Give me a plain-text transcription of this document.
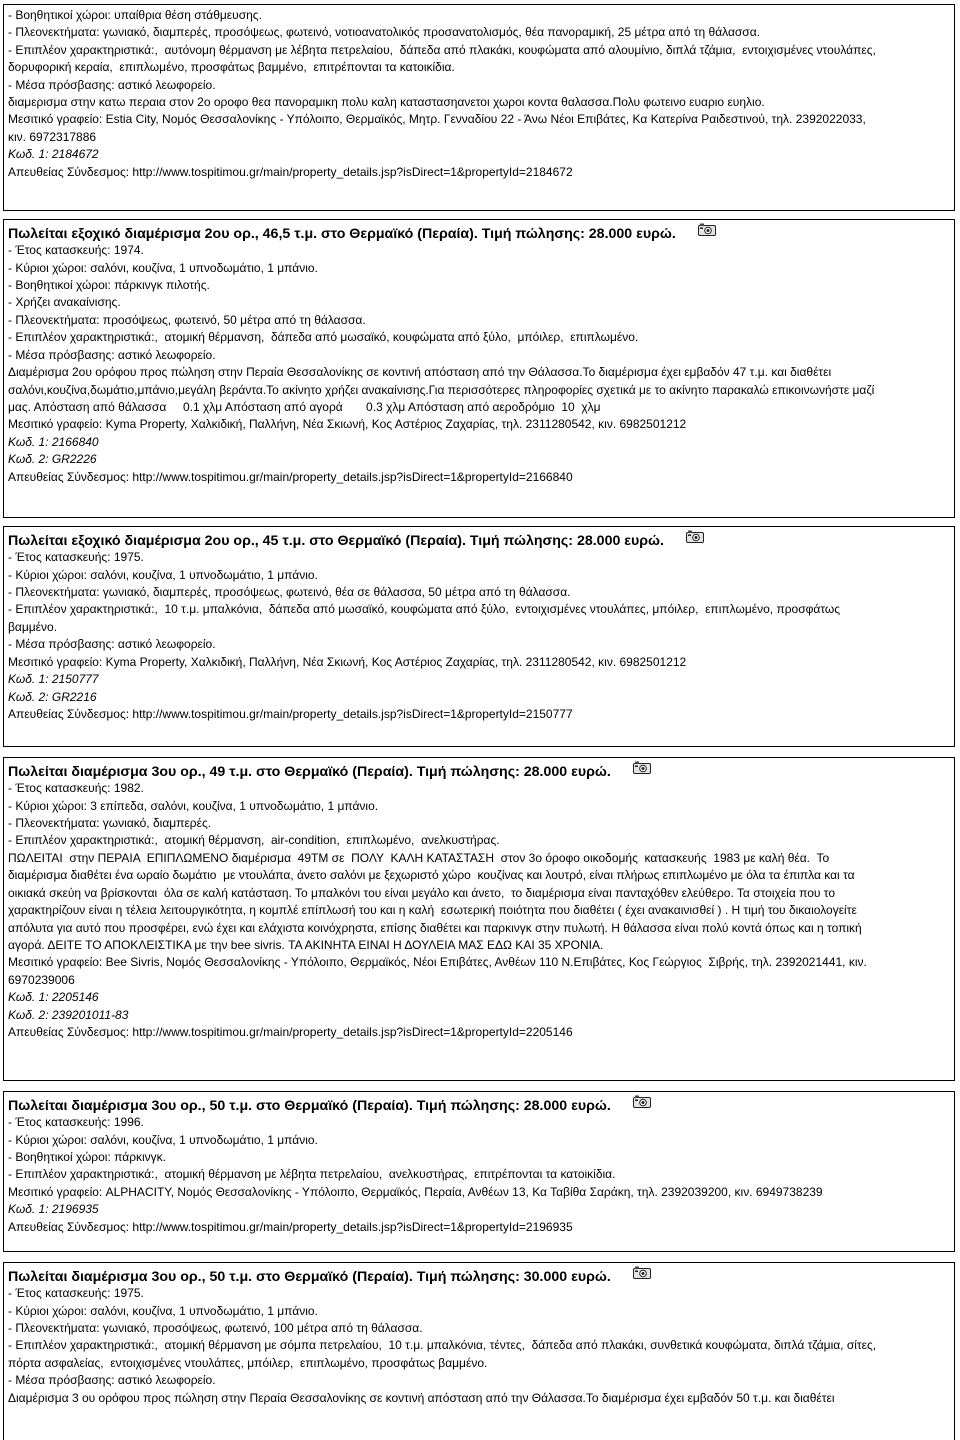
- Βοηθητικοί χώροι: υπαίθρια θέση στάθμευσης.

- Πλεονεκτήματα: γωνιακό, διαμπερές, προσόψεως, φωτεινό, νοτιοανατολικός προσανατολισμός, θέα πανοραμική, 25 μέτρα από τη θάλασσα.

- Επιπλέον χαρακτηριστικά:,  αυτόνομη θέρμανση με λέβητα πετρελαίου,  δάπεδα από πλακάκι, κουφώματα από αλουμίνιο, διπλά τζάμια,  εντοιχισμένες ντουλάπες,

δορυφορική κεραία,  επιπλωμένο, προσφάτως βαμμένο,  επιτρέπονται τα κατοικίδια.

- Μέσα πρόσβασης: αστικό λεωφορείο.

διαμερισμα στην κατω περαια στον 2ο οροφο θεα πανοραμικη πολυ καλη καταστασηανετοι χωροι κοντα θαλασσα.Πολυ φωτεινο ευαριο ευηλιο.

Μεσιτικό γραφείο: Estia City, Νομός Θεσσαλονίκης - Υπόλοιπο, Θερμαϊκός, Μητρ. Γενναδίου 22 - Άνω Νέοι Επιβάτες, Κα Κατερίνα Ραιδεστινού, τηλ. 2392022033,

κιν. 6972317886

Κωδ. 1: 2184672

Απευθείας Σύνδεσμος: http://www.tospitimou.gr/main/property_details.jsp?isDirect=1&propertyId=2184672

Πωλείται εξοχικό διαμέρισμα 2ου ορ., 46,5 τ.μ. στο Θερμαϊκό (Περαία). Τιμή πώλησης: 28.000 ευρώ.

- Έτος κατασκευής: 1974.

- Κύριοι χώροι: σαλόνι, κουζίνα, 1 υπνοδωμάτιο, 1 μπάνιο.

- Βοηθητικοί χώροι: πάρκινγκ πιλοτής.

- Χρήζει ανακαίνισης.

- Πλεονεκτήματα: προσόψεως, φωτεινό, 50 μέτρα από τη θάλασσα.

- Επιπλέον χαρακτηριστικά:,  ατομική θέρμανση,  δάπεδα από μωσαϊκό, κουφώματα από ξύλο,  μπόιλερ,  επιπλωμένο.

- Μέσα πρόσβασης: αστικό λεωφορείο.

Διαμέρισμα 2ου ορόφου προς πώληση στην Περαία Θεσσαλονίκης σε κοντινή απόσταση από την Θάλασσα.Το διαμέρισμα έχει εμβαδόν 47 τ.μ. και διαθέτει

σαλόνι,κουζίνα,δωμάτιο,μπάνιο,μεγάλη βεράντα.Το ακίνητο χρήζει ανακαίνισης.Για περισσότερες πληροφορίες σχετικά με το ακίνητο παρακαλώ επικοινωνήστε μαζί

μας. Απόσταση από θάλασσα     0.1 χλμ Απόσταση από αγορά       0.3 χλμ Απόσταση από αεροδρόμιο  10  χλμ

Μεσιτικό γραφείο: Kyma Property, Χαλκιδική, Παλλήνη, Νέα Σκιωνή, Κος Αστέριος Ζαχαρίας, τηλ. 2311280542, κιν. 6982501212

Κωδ. 1: 2166840

Κωδ. 2: GR2226

Απευθείας Σύνδεσμος: http://www.tospitimou.gr/main/property_details.jsp?isDirect=1&propertyId=2166840

Πωλείται εξοχικό διαμέρισμα 2ου ορ., 45 τ.μ. στο Θερμαϊκό (Περαία). Τιμή πώλησης: 28.000 ευρώ.

- Έτος κατασκευής: 1975.

- Κύριοι χώροι: σαλόνι, κουζίνα, 1 υπνοδωμάτιο, 1 μπάνιο.

- Πλεονεκτήματα: γωνιακό, διαμπερές, προσόψεως, φωτεινό, θέα σε θάλασσα, 50 μέτρα από τη θάλασσα.

- Επιπλέον χαρακτηριστικά:,  10 τ.μ. μπαλκόνια,  δάπεδα από μωσαϊκό, κουφώματα από ξύλο,  εντοιχισμένες ντουλάπες, μπόιλερ,  επιπλωμένο, προσφάτως

βαμμένο.

- Μέσα πρόσβασης: αστικό λεωφορείο.

Μεσιτικό γραφείο: Kyma Property, Χαλκιδική, Παλλήνη, Νέα Σκιωνή, Κος Αστέριος Ζαχαρίας, τηλ. 2311280542, κιν. 6982501212

Κωδ. 1: 2150777

Κωδ. 2: GR2216

Απευθείας Σύνδεσμος: http://www.tospitimou.gr/main/property_details.jsp?isDirect=1&propertyId=2150777

Πωλείται διαμέρισμα 3ου ορ., 49 τ.μ. στο Θερμαϊκό (Περαία). Τιμή πώλησης: 28.000 ευρώ.

- Έτος κατασκευής: 1982.

- Κύριοι χώροι: 3 επίπεδα, σαλόνι, κουζίνα, 1 υπνοδωμάτιο, 1 μπάνιο.

- Πλεονεκτήματα: γωνιακό, διαμπερές.

- Επιπλέον χαρακτηριστικά:,  ατομική θέρμανση,  air-condition,  επιπλωμένο,  ανελκυστήρας.

ΠΩΛΕΙΤΑΙ  στην ΠΕΡΑΙΑ  ΕΠΙΠΛΩΜΕΝΟ διαμέρισμα  49ΤΜ σε  ΠΟΛΥ  ΚΑΛΗ ΚΑΤΑΣΤΑΣΗ  στον 3ο όροφο οικοδομής  κατασκευής  1983 με καλή θέα.  Το

διαμέρισμα διαθέτει ένα ωραίο δωμάτιο  με ντουλάπα, άνετο σαλόνι με ξεχωριστό χώρο  κουζίνας και λουτρό, είναι πλήρως επιπλωμένο με όλα τα έπιπλα και τα

οικιακά σκεύη να βρίσκονται  όλα σε καλή κατάσταση. Το μπαλκόνι του είναι μεγάλο και άνετο,  το διαμέρισμα είναι πανταχόθεν ελεύθερο. Τα στοιχεία που το

χαρακτηρίζουν είναι η τέλεια λειτουργικότητα, η κομπλέ επίπλωσή του και η καλή  εσωτερική ποιότητα που διαθέτει ( έχει ανακαινισθεί ) . Η τιμή του δικαιολογείτε

απόλυτα για αυτό που προσφέρει, ενώ έχει και ελάχιστα κοινόχρηστα, επίσης διαθέτει και παρκινγκ στην πυλωτή. Η θάλασσα είναι πολύ κοντά όπως και η τοπική

αγορά. ΔΕΙΤΕ ΤΟ ΑΠΟΚΛΕΙΣΤΙΚΑ με την bee sivris. ΤΑ ΑΚΙΝΗΤΑ ΕΙΝΑΙ Η ΔΟΥΛΕΙΑ ΜΑΣ ΕΔΩ ΚΑΙ 35 ΧΡΟΝΙΑ.

Μεσιτικό γραφείο: Bee Sivris, Νομός Θεσσαλονίκης - Υπόλοιπο, Θερμαϊκός, Νέοι Επιβάτες, Ανθέων 110 Ν.Επιβάτες, Κος Γεώργιος  Σιβρής, τηλ. 2392021441, κιν.

6970239006

Κωδ. 1: 2205146

Κωδ. 2: 239201011-83

Απευθείας Σύνδεσμος: http://www.tospitimou.gr/main/property_details.jsp?isDirect=1&propertyId=2205146

Πωλείται διαμέρισμα 3ου ορ., 50 τ.μ. στο Θερμαϊκό (Περαία). Τιμή πώλησης: 28.000 ευρώ.

- Έτος κατασκευής: 1996.

- Κύριοι χώροι: σαλόνι, κουζίνα, 1 υπνοδωμάτιο, 1 μπάνιο.

- Βοηθητικοί χώροι: πάρκινγκ.

- Επιπλέον χαρακτηριστικά:,  ατομική θέρμανση με λέβητα πετρελαίου,  ανελκυστήρας,  επιτρέπονται τα κατοικίδια.

Μεσιτικό γραφείο: ALPHACITY, Νομός Θεσσαλονίκης - Υπόλοιπο, Θερμαϊκός, Περαία, Ανθέων 13, Κα Ταβίθα Σαράκη, τηλ. 2392039200, κιν. 6949738239

Κωδ. 1: 2196935

Απευθείας Σύνδεσμος: http://www.tospitimou.gr/main/property_details.jsp?isDirect=1&propertyId=2196935

Πωλείται διαμέρισμα 3ου ορ., 50 τ.μ. στο Θερμαϊκό (Περαία). Τιμή πώλησης: 30.000 ευρώ.

- Έτος κατασκευής: 1975.

- Κύριοι χώροι: σαλόνι, κουζίνα, 1 υπνοδωμάτιο, 1 μπάνιο.

- Πλεονεκτήματα: γωνιακό, προσόψεως, φωτεινό, 100 μέτρα από τη θάλασσα.

- Επιπλέον χαρακτηριστικά:,  ατομική θέρμανση με σόμπα πετρελαίου,  10 τ.μ. μπαλκόνια, τέντες,  δάπεδα από πλακάκι, συνθετικά κουφώματα, διπλά τζάμια, σίτες,

πόρτα ασφαλείας,  εντοιχισμένες ντουλάπες, μπόιλερ,  επιπλωμένο, προσφάτως βαμμένο.

- Μέσα πρόσβασης: αστικό λεωφορείο.

Διαμέρισμα 3 ου ορόφου προς πώληση στην Περαία Θεσσαλονίκης σε κοντινή απόσταση από την Θάλασσα.Το διαμέρισμα έχει εμβαδόν 50 τ.μ. και διαθέτει
